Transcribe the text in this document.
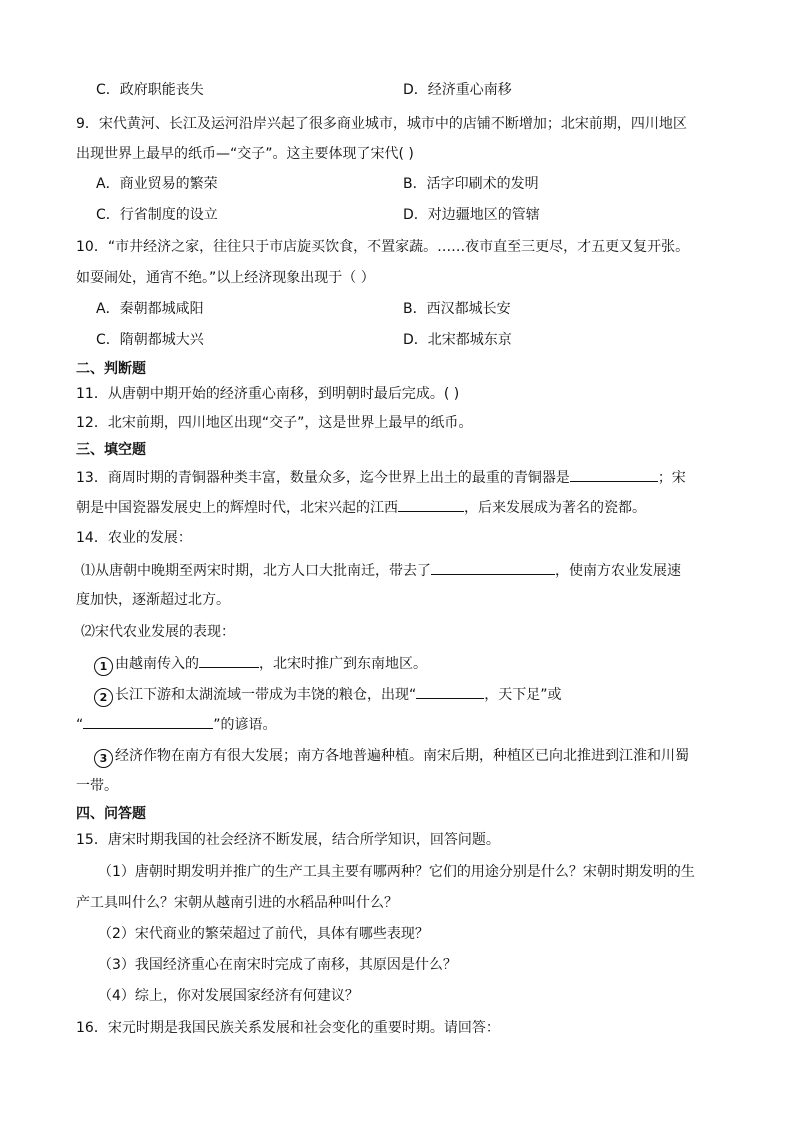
C．政府职能丧失	D．经济重心南移
9．宋代黄河、长江及运河沿岸兴起了很多商业城市，城市中的店铺不断增加；北宋前期，四川地区
出现世界上最早的纸币—“交子”。这主要体现了宋代( )
A．商业贸易的繁荣	B．活字印刷术的发明
C．行省制度的设立	D．对边疆地区的管辖
10．“市井经济之家，往往只于市店旋买饮食，不置家蔬。……夜市直至三更尽，才五更又复开张。
如耍闹处，通宵不绝。”以上经济现象出现于（ ）
A．秦朝都城咸阳	B．西汉都城长安
C．隋朝都城大兴	D．北宋都城东京
二、判断题
11．从唐朝中期开始的经济重心南移，到明朝时最后完成。( )
12．北宋前期，四川地区出现“交子”，这是世界上最早的纸币。
三、填空题
13．商周时期的青铜器种类丰富，数量众多，迄今世界上出土的最重的青铜器是	；宋
朝是中国瓷器发展史上的辉煌时代，北宋兴起的江西	，后来发展成为著名的瓷都。
14．农业的发展：
⑴从唐朝中晚期至两宋时期，北方人口大批南迁，带去了	，使南方农业发展速
度加快，逐渐超过北方。
⑵宋代农业发展的表现：
1 由越南传入的	，北宋时推广到东南地区。
2 长江下游和太湖流域一带成为丰饶的粮仓，出现“	，天下足”或
“	”的谚语。
3 经济作物在南方有很大发展；南方各地普遍种植。南宋后期，种植区已向北推进到江淮和川蜀
一带。
四、问答题
15．唐宋时期我国的社会经济不断发展，结合所学知识，回答问题。
（1）唐朝时期发明并推广的生产工具主要有哪两种？它们的用途分别是什么？宋朝时期发明的生
产工具叫什么？宋朝从越南引进的水稻品种叫什么？
（2）宋代商业的繁荣超过了前代，具体有哪些表现？
（3）我国经济重心在南宋时完成了南移，其原因是什么？
（4）综上，你对发展国家经济有何建议？
16．宋元时期是我国民族关系发展和社会变化的重要时期。请回答：
